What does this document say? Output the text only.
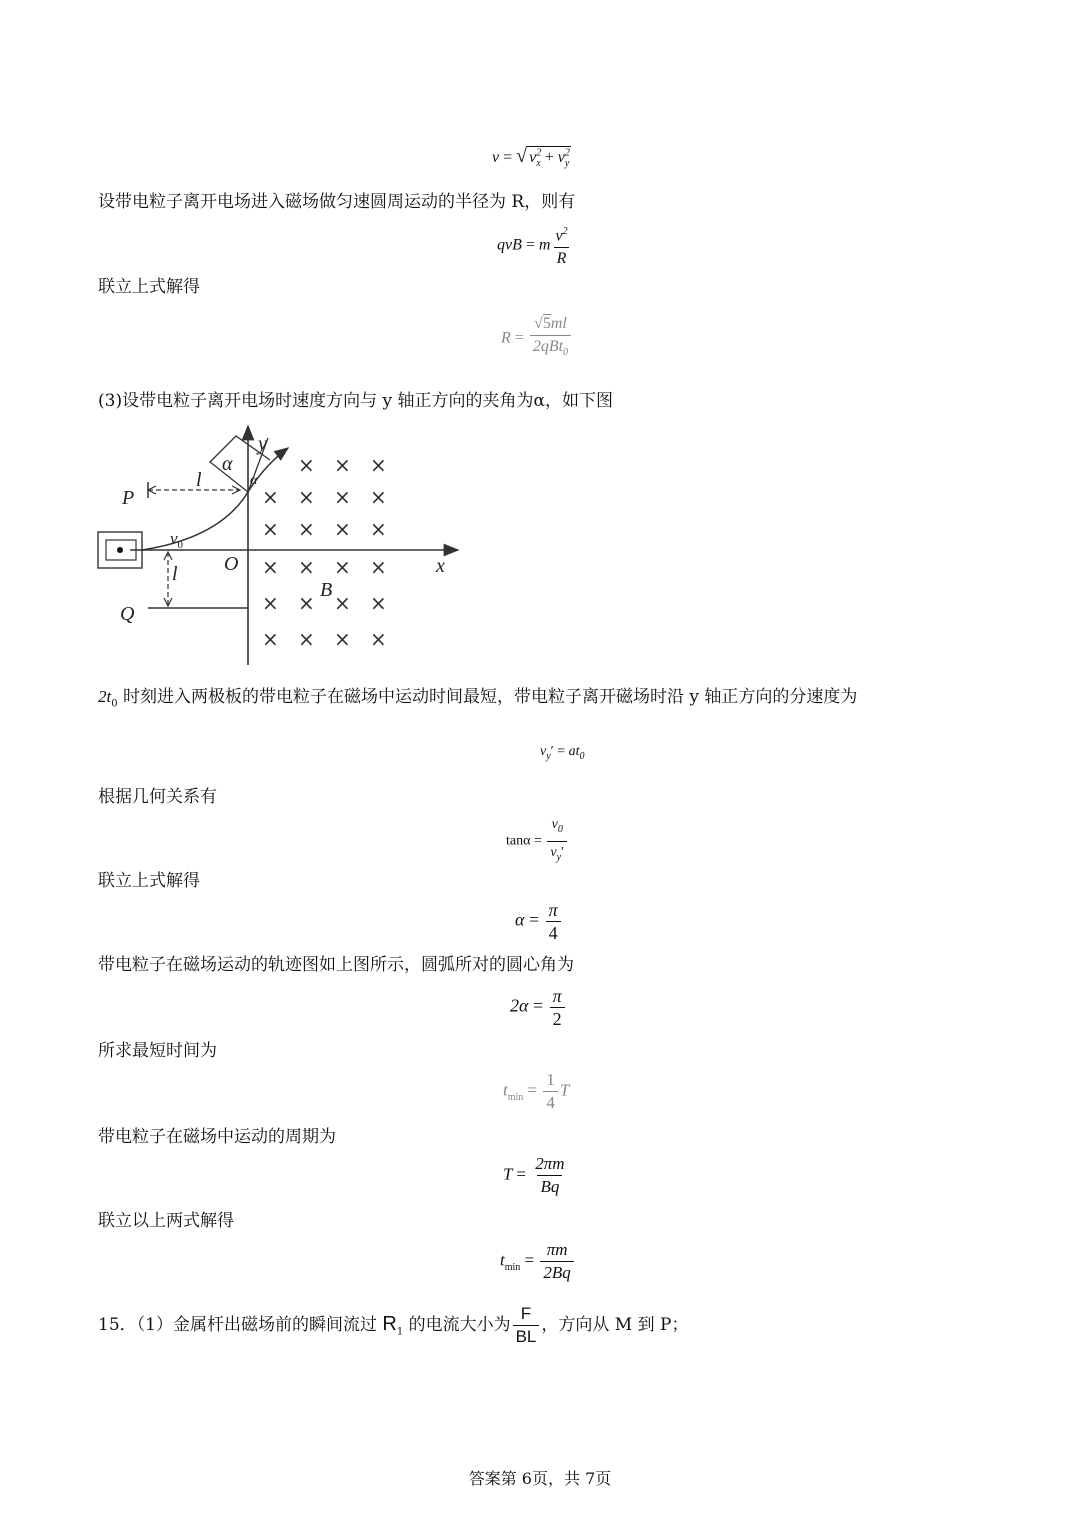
v = √ $v^2_x + v^2_y$
设带电粒子离开电场进入磁场做匀速圆周运动的半径为 R，则有
qvB = m $\frac{v^2}{R}$
联立上式解得
$R = \frac{√5ml}{2qBt_0}$
(3)设带电粒子离开电场时速度方向与 y 轴正方向的夹角为α，如下图
× × ×
× × × ×
× × × ×
× × × ×
× × × ×
× × × ×
y
x
O
P
Q
l
l
$v_0$
B
α
α
$2t_0$ 时刻进入两极板的带电粒子在磁场中运动时间最短，带电粒子离开磁场时沿 y 轴正方向的分速度为
$v_y' = at_0$
根据几何关系有
$\tan\alpha = \frac{v_0}{v_y'}$
联立上式解得
$\alpha = \frac{\pi}{4}$
带电粒子在磁场运动的轨迹图如上图所示，圆弧所对的圆心角为
$2\alpha = \frac{\pi}{2}$
所求最短时间为
$t_{min} = \frac{1}{4}$ T
带电粒子在磁场中运动的周期为
$T = \frac{2\pi m}{Bq}$
联立以上两式解得
$t_{min} = \frac{\pi m}{2Bq}$
15．（1）金属杆出磁场前的瞬间流过 $R_1$ 的电流大小为 $\frac{F}{BL}$ ，方向从 M 到 P；
答案第 6页，共 7页
